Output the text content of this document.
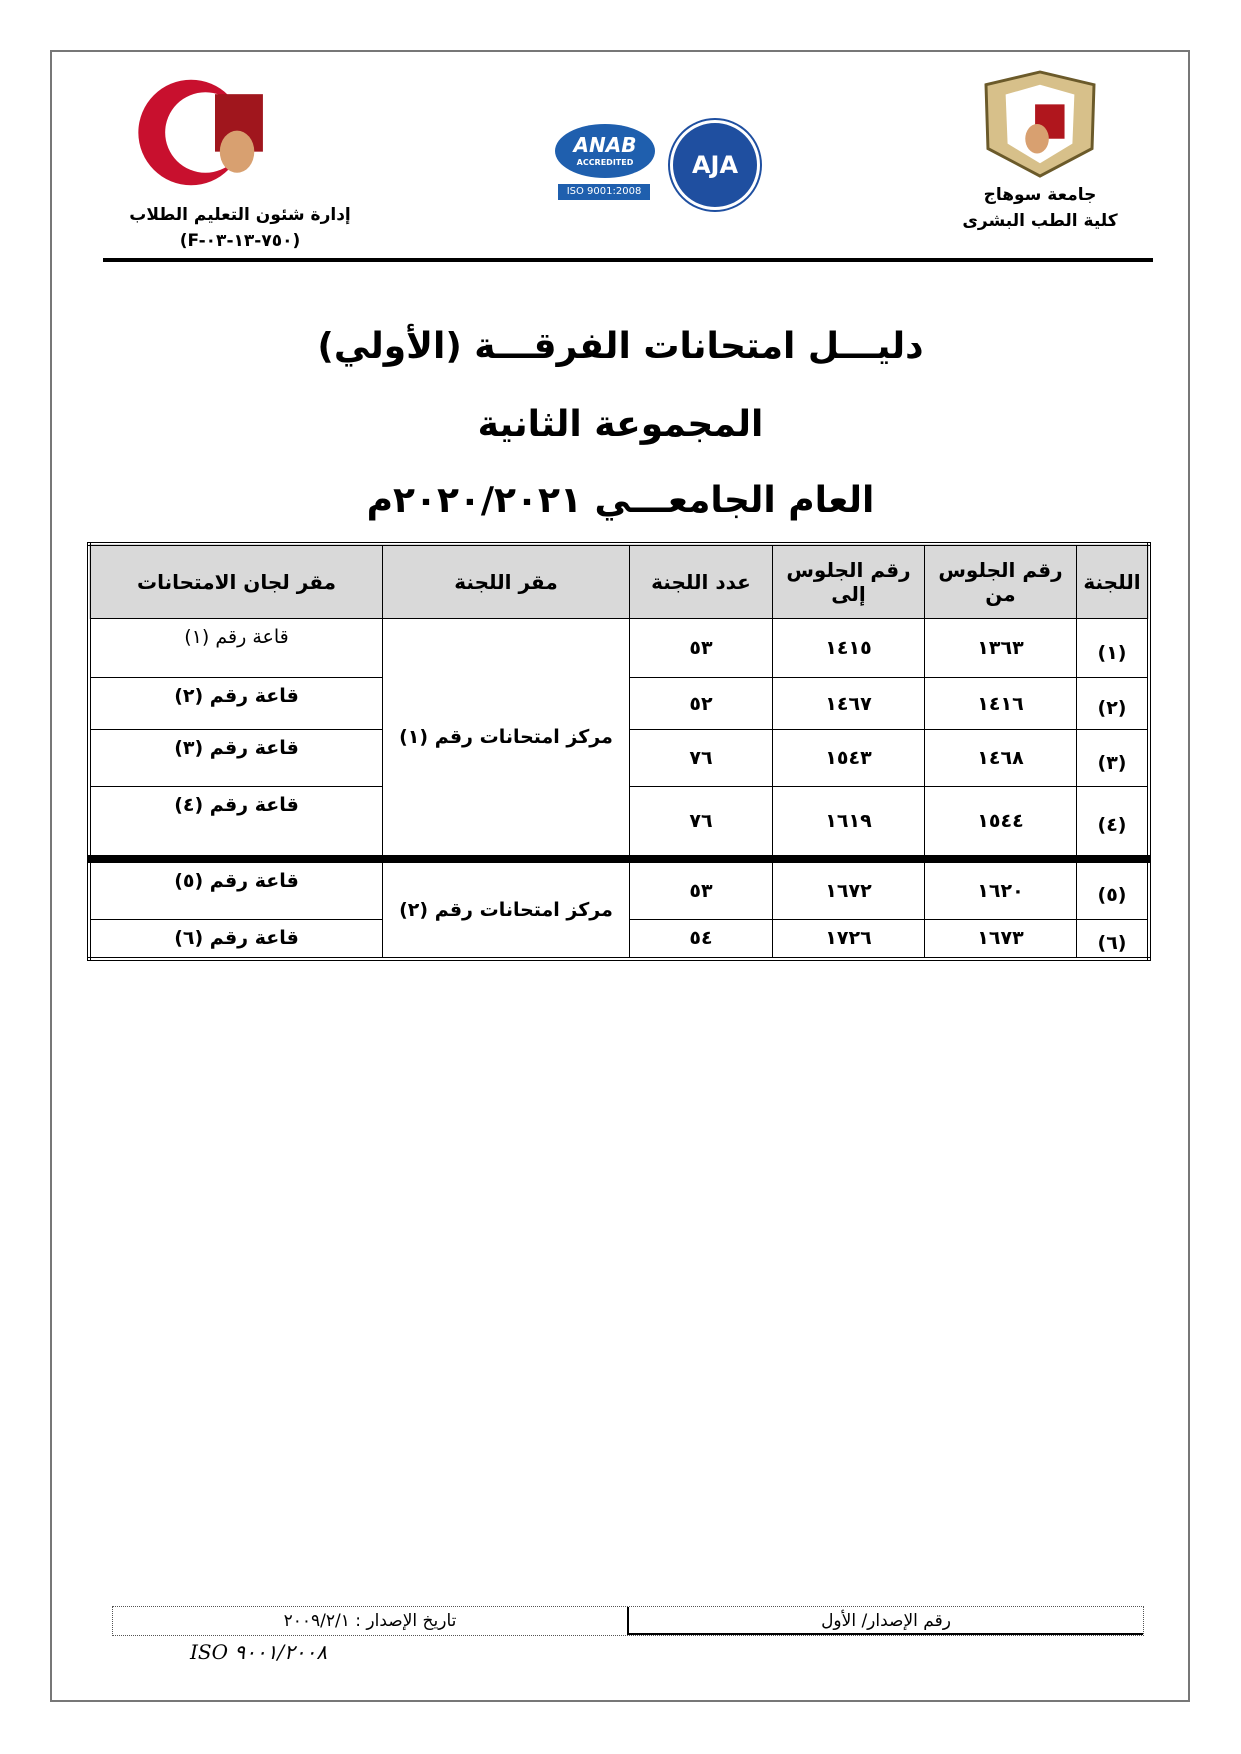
إدارة شئون التعليم الطلاب
(F-٧٥٠-١٣-٠٣)
ANAB
ACCREDITED
ISO 9001:2008
AJA
جامعة سوهاج
كلية الطب البشرى
دليـــل امتحانات الفرقـــة (الأولي)
المجموعة الثانية
العام الجامعـــي ٢٠٢٠/٢٠٢١م
اللجنة	رقم الجلوس من	رقم الجلوس إلى	عدد اللجنة	مقر اللجنة	مقر لجان الامتحانات
(١)	١٣٦٣	١٤١٥	٥٣	مركز امتحانات رقم (١)	قاعة رقم (١)
(٢)	١٤١٦	١٤٦٧	٥٢		قاعة رقم (٢)
(٣)	١٤٦٨	١٥٤٣	٧٦		قاعة رقم (٣)
(٤)	١٥٤٤	١٦١٩	٧٦		قاعة رقم (٤)
(٥)	١٦٢٠	١٦٧٢	٥٣	مركز امتحانات رقم (٢)	قاعة رقم (٥)
(٦)	١٦٧٣	١٧٢٦	٥٤		قاعة رقم (٦)
رقم الإصدار/ الأول
تاريخ الإصدار : ٢٠٠٩/٢/١
ISO ٩٠٠١/٢٠٠٨
